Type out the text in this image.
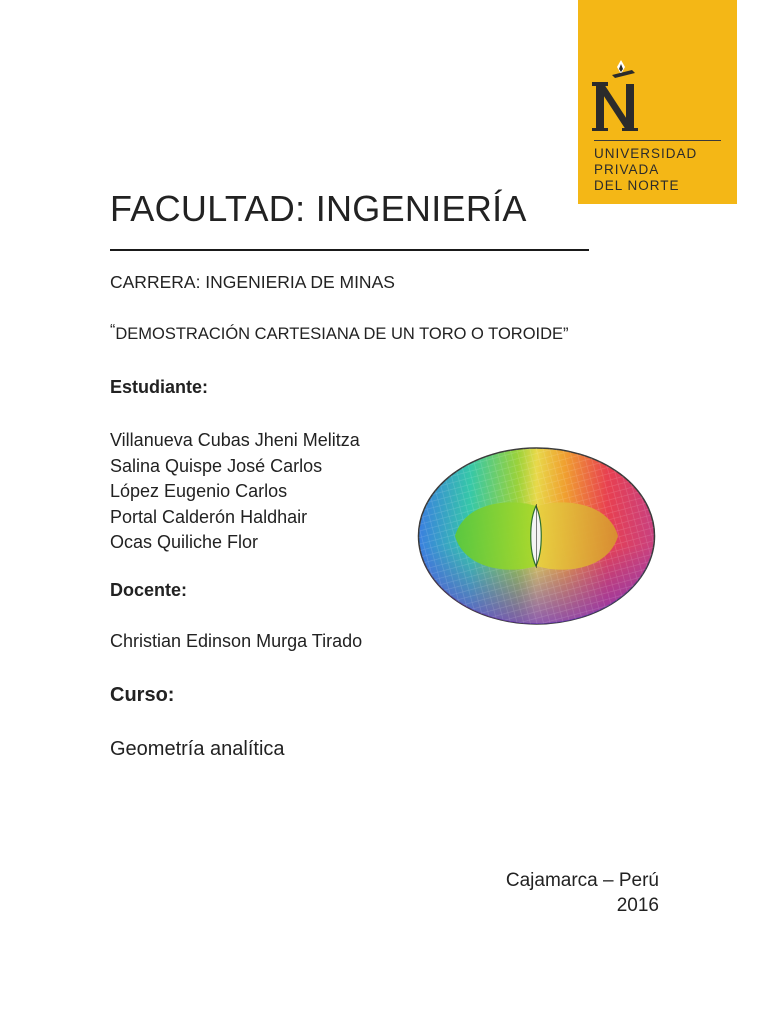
UNIVERSIDAD
PRIVADA
DEL NORTE
FACULTAD: INGENIERÍA
CARRERA: INGENIERIA DE MINAS
“DEMOSTRACIÓN CARTESIANA DE UN TORO O TOROIDE”
Estudiante:
Villanueva Cubas Jheni Melitza
Salina Quispe José Carlos
López Eugenio Carlos
Portal Calderón Haldhair
Ocas Quiliche Flor
Docente:
Christian Edinson Murga Tirado
Curso:
Geometría analítica
Cajamarca – Perú
2016
